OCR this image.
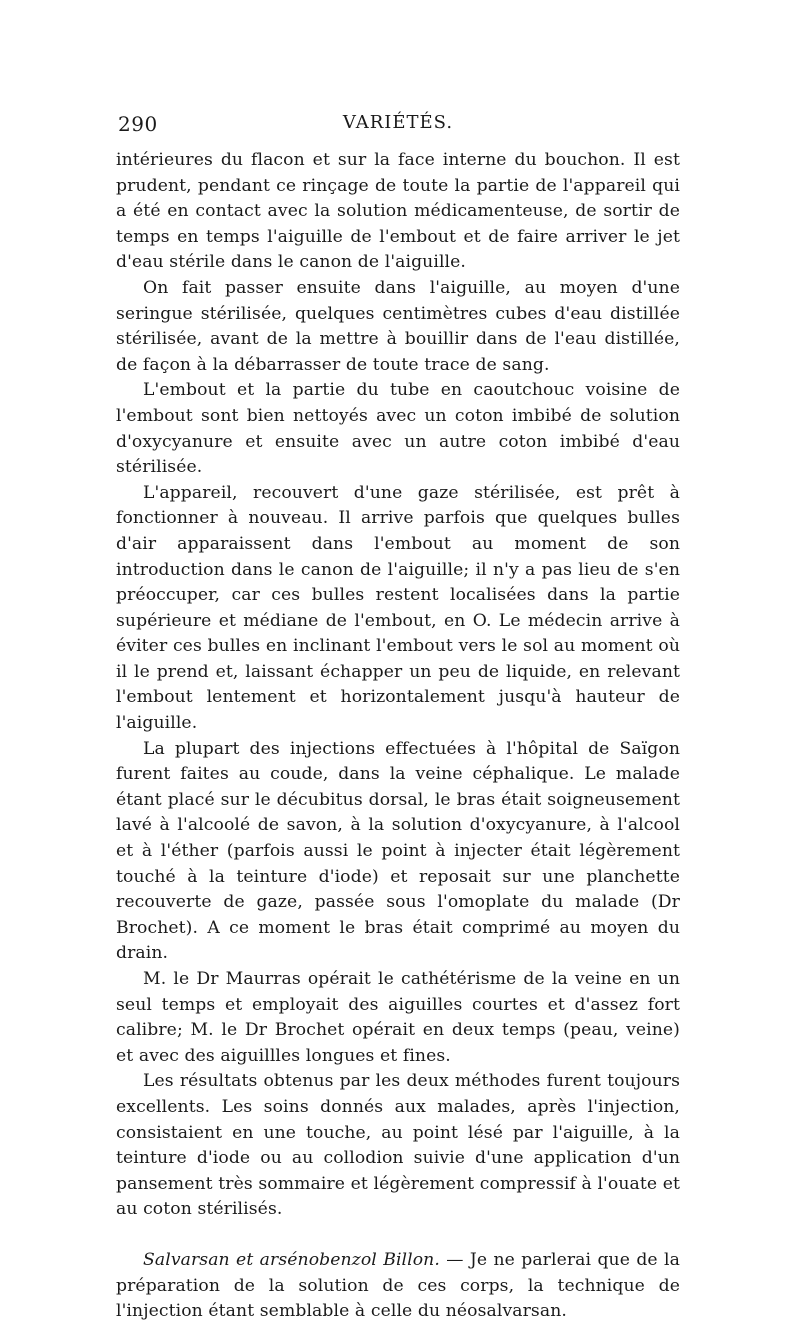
290	VARIÉTÉS.

intérieures du flacon et sur la face interne du bouchon. Il est prudent, pendant ce rinçage de toute la partie de l'appareil qui a été en contact avec la solution médicamenteuse, de sortir de temps en temps l'aiguille de l'embout et de faire arriver le jet d'eau stérile dans le canon de l'aiguille.

On fait passer ensuite dans l'aiguille, au moyen d'une seringue stérilisée, quelques centimètres cubes d'eau distillée stérilisée, avant de la mettre à bouillir dans de l'eau distillée, de façon à la débarrasser de toute trace de sang.

L'embout et la partie du tube en caoutchouc voisine de l'embout sont bien nettoyés avec un coton imbibé de solution d'oxycyanure et ensuite avec un autre coton imbibé d'eau stérilisée.

L'appareil, recouvert d'une gaze stérilisée, est prêt à fonctionner à nouveau. Il arrive parfois que quelques bulles d'air apparaissent dans l'embout au moment de son introduction dans le canon de l'aiguille; il n'y a pas lieu de s'en préoccuper, car ces bulles restent localisées dans la partie supérieure et médiane de l'embout, en O. Le médecin arrive à éviter ces bulles en inclinant l'embout vers le sol au moment où il le prend et, laissant échapper un peu de liquide, en relevant l'embout lentement et horizontalement jusqu'à hauteur de l'aiguille.

La plupart des injections effectuées à l'hôpital de Saïgon furent faites au coude, dans la veine céphalique. Le malade étant placé sur le décubitus dorsal, le bras était soigneusement lavé à l'alcoolé de savon, à la solution d'oxycyanure, à l'alcool et à l'éther (parfois aussi le point à injecter était légèrement touché à la teinture d'iode) et reposait sur une planchette recouverte de gaze, passée sous l'omoplate du malade (Dr Brochet). A ce moment le bras était comprimé au moyen du drain.

M. le Dr Maurras opérait le cathétérisme de la veine en un seul temps et employait des aiguilles courtes et d'assez fort calibre; M. le Dr Brochet opérait en deux temps (peau, veine) et avec des aiguillles longues et fines.

Les résultats obtenus par les deux méthodes furent toujours excellents. Les soins donnés aux malades, après l'injection, consistaient en une touche, au point lésé par l'aiguille, à la teinture d'iode ou au collodion suivie d'une application d'un pansement très sommaire et légèrement compressif à l'ouate et au coton stérilisés.

Salvarsan et arsénobenzol Billon. — Je ne parlerai que de la préparation de la solution de ces corps, la technique de l'injection étant semblable à celle du néosalvarsan.
